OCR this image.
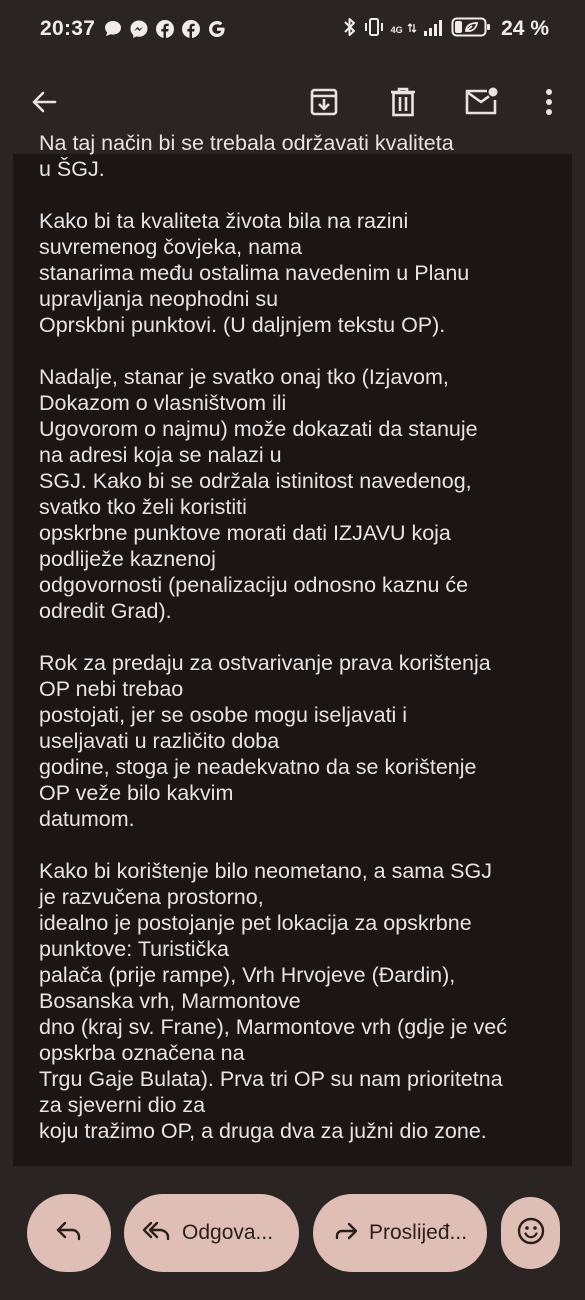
20:37	4G	24 %
Na taj način bi se trebala održavati kvaliteta
u ŠGJ.
Kako bi ta kvaliteta života bila na razini
suvremenog čovjeka, nama
stanarima među ostalima navedenim u Planu
upravljanja neophodni su
Oprskbni punktovi. (U daljnjem tekstu OP).
Nadalje, stanar je svatko onaj tko (Izjavom,
Dokazom o vlasništvom ili
Ugovorom o najmu) može dokazati da stanuje
na adresi koja se nalazi u
SGJ. Kako bi se održala istinitost navedenog,
svatko tko želi koristiti
opskrbne punktove morati dati IZJAVU koja
podliježe kaznenoj
odgovornosti (penalizaciju odnosno kaznu će
odredit Grad).
Rok za predaju za ostvarivanje prava korištenja
OP nebi trebao
postojati, jer se osobe mogu iseljavati i
useljavati u različito doba
godine, stoga je neadekvatno da se korištenje
OP veže bilo kakvim
datumom.
Kako bi korištenje bilo neometano, a sama SGJ
je razvučena prostorno,
idealno je postojanje pet lokacija za opskrbne
punktove: Turistička
palača (prije rampe), Vrh Hrvojeve (Đardin),
Bosanska vrh, Marmontove
dno (kraj sv. Frane), Marmontove vrh (gdje je već
opskrba označena na
Trgu Gaje Bulata). Prva tri OP su nam prioritetna
za sjeverni dio za
koju tražimo OP, a druga dva za južni dio zone.
Odgova...	Proslijeđ...
